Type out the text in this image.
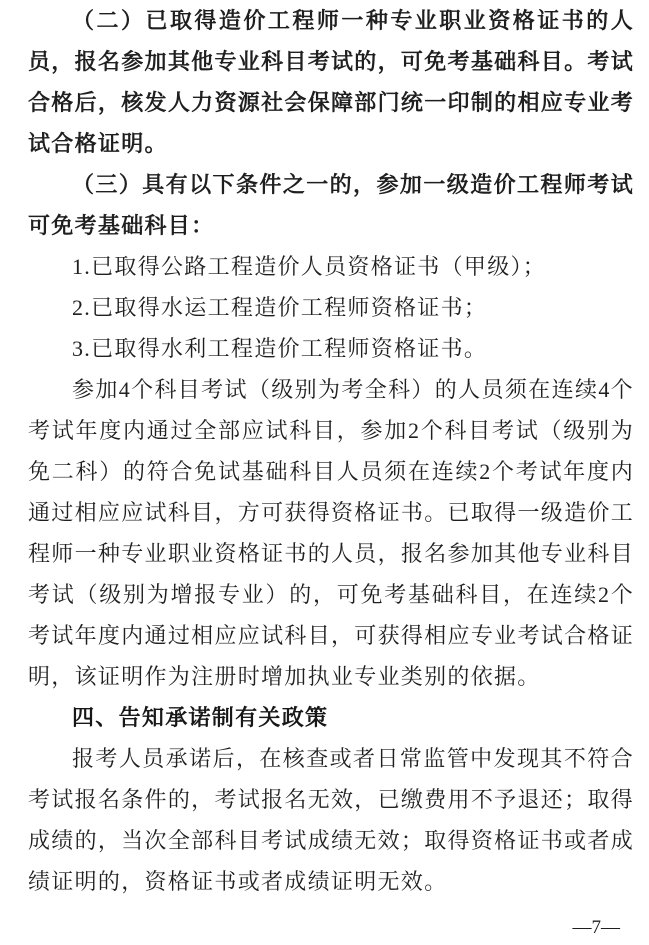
（二）已取得造价工程师一种专业职业资格证书的人员，报名参加其他专业科目考试的，可免考基础科目。考试合格后，核发人力资源社会保障部门统一印制的相应专业考试合格证明。

（三）具有以下条件之一的，参加一级造价工程师考试可免考基础科目：

1.已取得公路工程造价人员资格证书（甲级）；

2.已取得水运工程造价工程师资格证书；

3.已取得水利工程造价工程师资格证书。

参加4个科目考试（级别为考全科）的人员须在连续4个考试年度内通过全部应试科目，参加2个科目考试（级别为免二科）的符合免试基础科目人员须在连续2个考试年度内通过相应应试科目，方可获得资格证书。已取得一级造价工程师一种专业职业资格证书的人员，报名参加其他专业科目考试（级别为增报专业）的，可免考基础科目，在连续2个考试年度内通过相应应试科目，可获得相应专业考试合格证明，该证明作为注册时增加执业专业类别的依据。

四、告知承诺制有关政策

报考人员承诺后，在核查或者日常监管中发现其不符合考试报名条件的，考试报名无效，已缴费用不予退还；取得成绩的，当次全部科目考试成绩无效；取得资格证书或者成绩证明的，资格证书或者成绩证明无效。

—7—
